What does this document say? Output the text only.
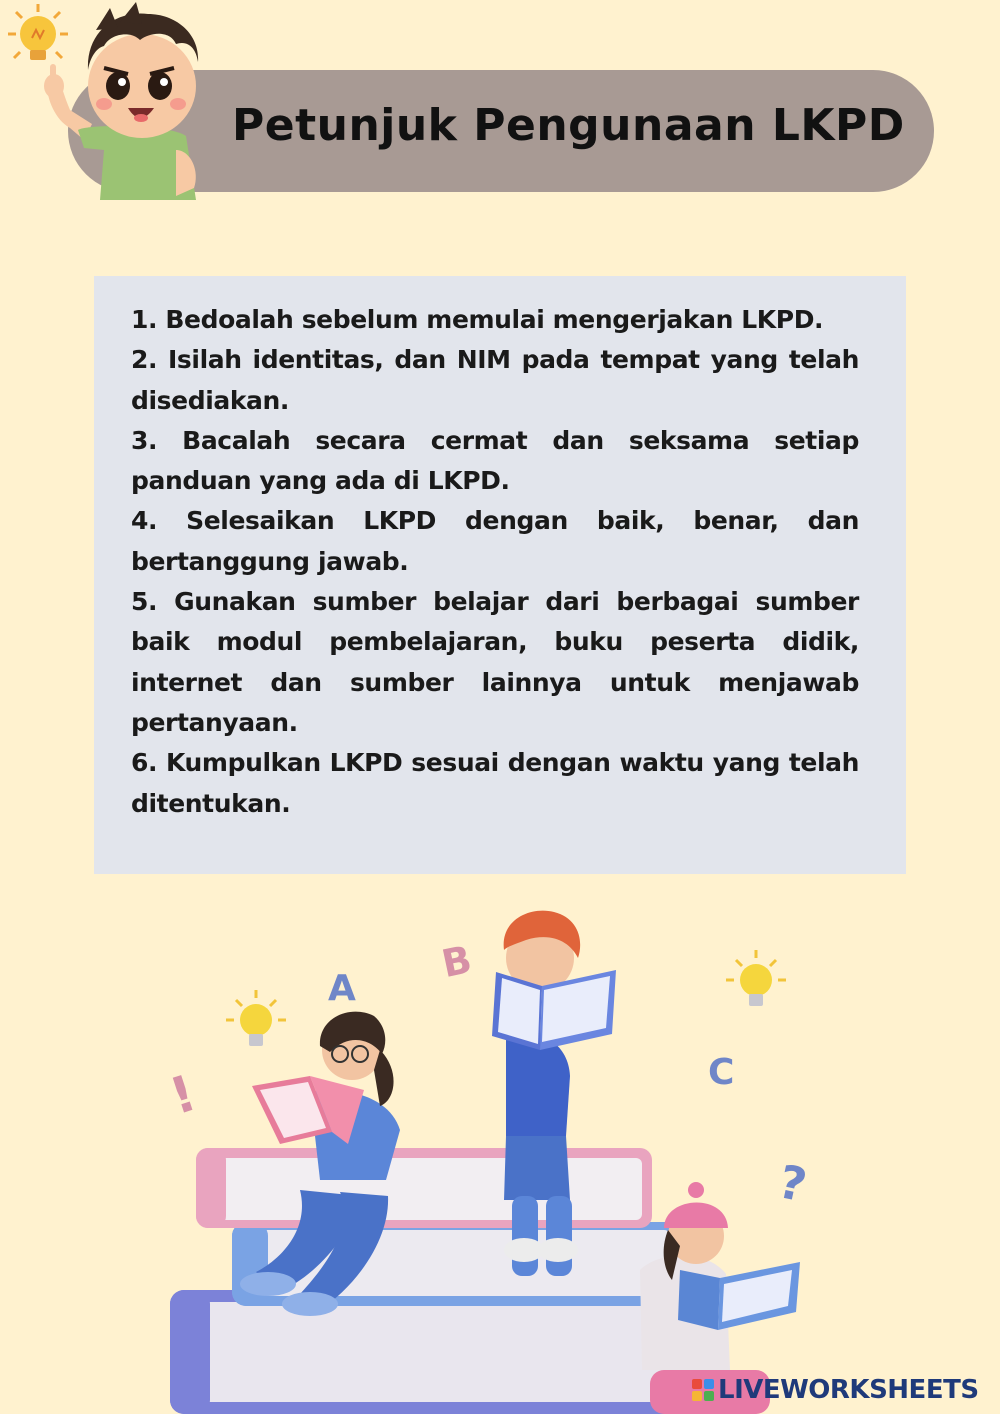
Petunjuk Pengunaan LKPD
1. Bedoalah sebelum memulai mengerjakan LKPD.
2. Isilah identitas, dan NIM pada tempat yang telah disediakan.
3. Bacalah secara cermat dan seksama setiap panduan yang ada di LKPD.
4. Selesaikan LKPD dengan baik, benar, dan bertanggung jawab.
5. Gunakan sumber belajar dari berbagai sumber baik modul pembelajaran, buku peserta didik, internet dan sumber lainnya untuk menjawab pertanyaan.
6. Kumpulkan LKPD sesuai dengan waktu yang telah ditentukan.
A
B
C
!
?
LIVEWORKSHEETS
